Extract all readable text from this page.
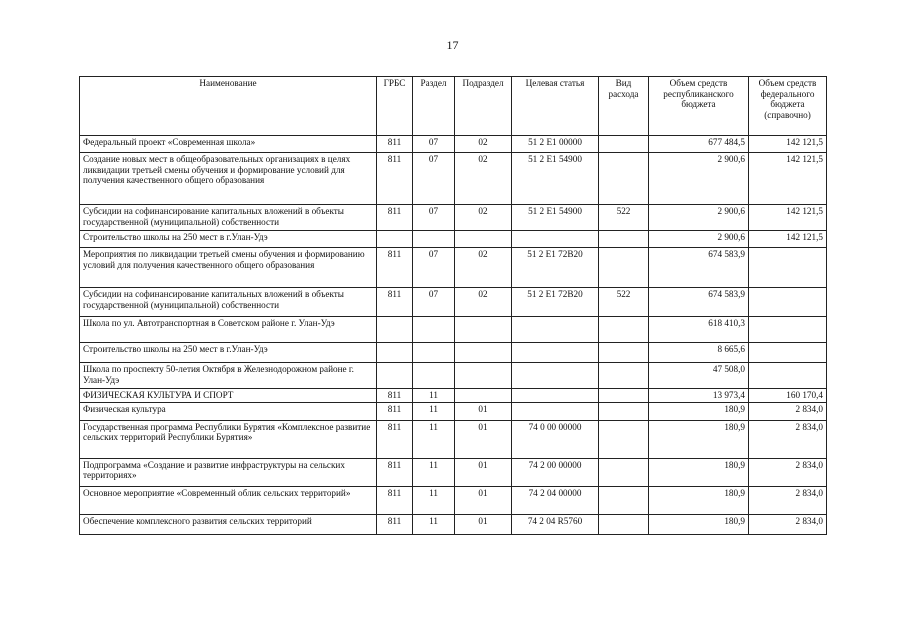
17
Наименование	ГРБС	Раздел	Подраздел	Целевая статья	Вид расхода	Объем средств республиканского бюджета	Объем средств федерального бюджета (справочно)
Федеральный проект «Современная школа»	811	07	02	51 2 Е1 00000		677 484,5	142 121,5
Создание новых мест в общеобразовательных организациях в целях ликвидации третьей смены обучения и формирование условий для получения качественного общего образования	811	07	02	51 2 Е1 54900		2 900,6	142 121,5
Субсидии на софинансирование капитальных вложений в объекты государственной (муниципальной) собственности	811	07	02	51 2 Е1 54900	522	2 900,6	142 121,5
Строительство школы на 250 мест в г.Улан-Удэ						2 900,6	142 121,5
Мероприятия по ликвидации третьей смены обучения и формированию условий для получения качественного общего образования	811	07	02	51 2 Е1 72В20		674 583,9	
Субсидии на софинансирование капитальных вложений в объекты государственной (муниципальной) собственности	811	07	02	51 2 Е1 72В20	522	674 583,9	
Школа по ул. Автотранспортная в Советском районе г. Улан-Удэ						618 410,3	
Строительство школы на 250 мест в г.Улан-Удэ						8 665,6	
Школа по проспекту 50-летия Октября в Железнодорожном районе г. Улан-Удэ						47 508,0	
ФИЗИЧЕСКАЯ КУЛЬТУРА И СПОРТ	811	11				13 973,4	160 170,4
Физическая культура	811	11	01			180,9	2 834,0
Государственная программа Республики Бурятия «Комплексное развитие сельских территорий Республики Бурятия»	811	11	01	74 0 00 00000		180,9	2 834,0
Подпрограмма «Создание и развитие инфраструктуры на сельских территориях»	811	11	01	74 2 00 00000		180,9	2 834,0
Основное мероприятие «Современный облик сельских территорий»	811	11	01	74 2 04 00000		180,9	2 834,0
Обеспечение комплексного развития сельских территорий	811	11	01	74 2 04 R5760		180,9	2 834,0
